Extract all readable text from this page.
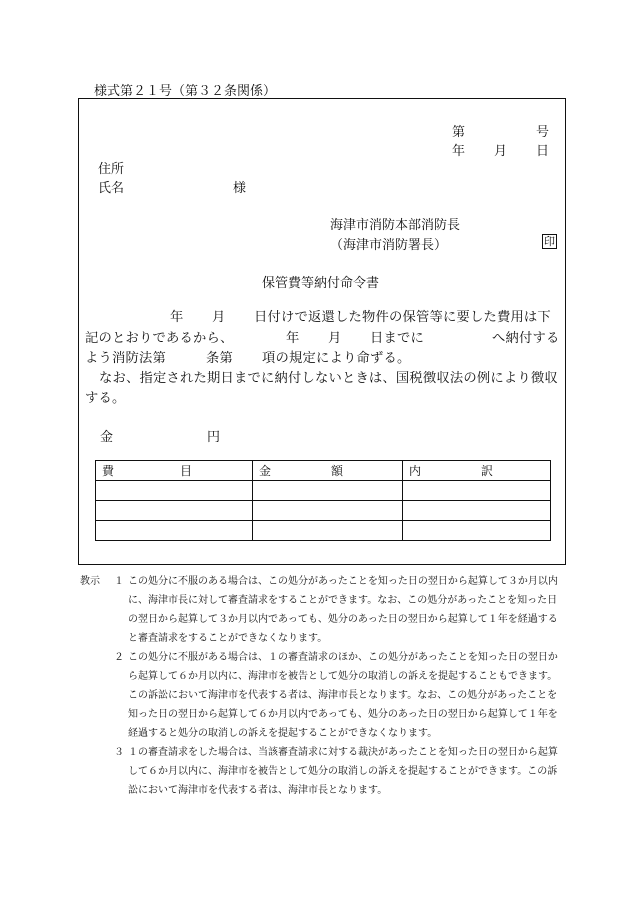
様式第２１号（第３２条関係）
第	号
年 月 日
住所
氏名	様
海津市消防本部消防長
（海津市消防署長）	印
保管費等納付命令書
年 月 日付けで返還した物件の保管等に要した費用は下
記のとおりであるから、	年 月 日までに	へ納付する
よう消防法第	条第 項の規定により命ずる。
なお、指定された期日までに納付しないときは、国税徴収法の例により徴収
する。
金	円
費 目	金 額	内 訳

教示 １ この処分に不服のある場合は、この処分があったことを知った日の翌日から起算して３か月以内に、海津市長に対して審査請求をすることができます。なお、この処分があったことを知った日の翌日から起算して３か月以内であっても、処分のあった日の翌日から起算して１年を経過すると審査請求をすることができなくなります。
２ この処分に不服がある場合は、１の審査請求のほか、この処分があったことを知った日の翌日から起算して６か月以内に、海津市を被告として処分の取消しの訴えを提起することもできます。この訴訟において海津市を代表する者は、海津市長となります。なお、この処分があったことを知った日の翌日から起算して６か月以内であっても、処分のあった日の翌日から起算して１年を経過すると処分の取消しの訴えを提起することができなくなります。
３ １の審査請求をした場合は、当該審査請求に対する裁決があったことを知った日の翌日から起算して６か月以内に、海津市を被告として処分の取消しの訴えを提起することができます。この訴訟において海津市を代表する者は、海津市長となります。
